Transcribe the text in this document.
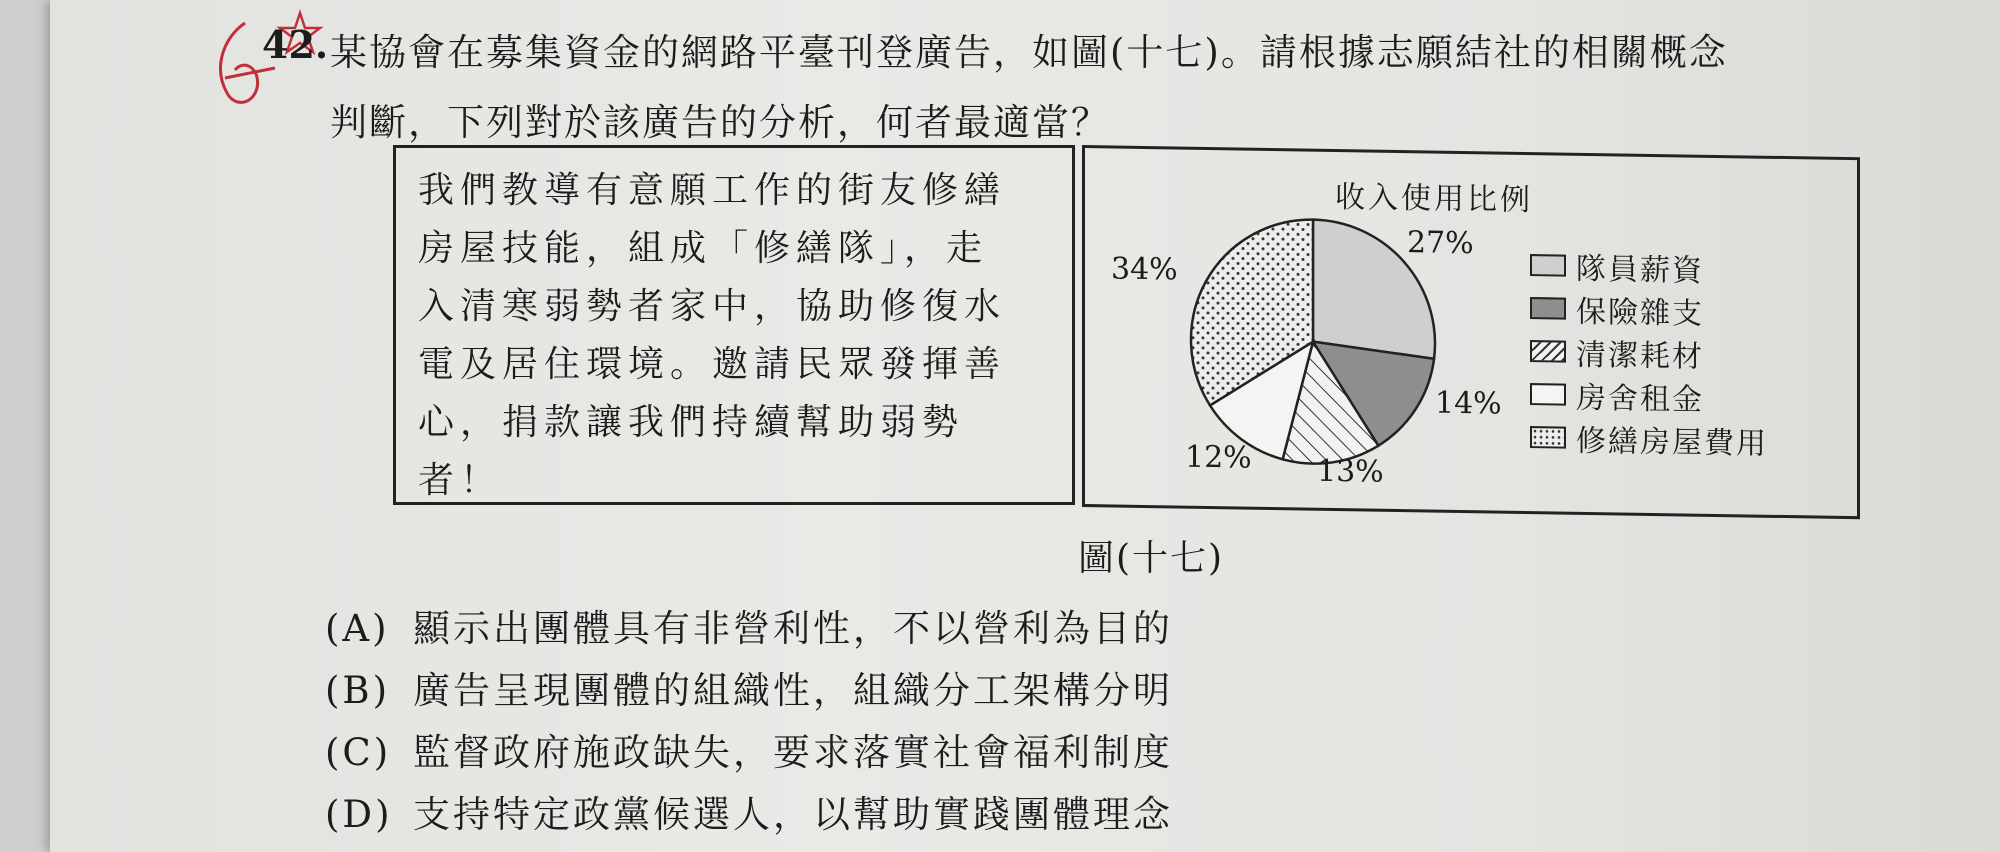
42. 某協會在募集資金的網路平臺刊登廣告，如圖(十七)。請根據志願結社的相關概念
判斷，下列對於該廣告的分析，何者最適當？
我們教導有意願工作的街友修繕
房屋技能，組成「修繕隊」，走
入清寒弱勢者家中，協助修復水
電及居住環境。邀請民眾發揮善
心，捐款讓我們持續幫助弱勢
者！
收入使用比例
27%
14%
13%
12%
34%	隊員薪資
保險雜支
清潔耗材
房舍租金
修繕房屋費用
圖(十七)
(A) 顯示出團體具有非營利性，不以營利為目的
(B) 廣告呈現團體的組織性，組織分工架構分明
(C) 監督政府施政缺失，要求落實社會福利制度
(D) 支持特定政黨候選人，以幫助實踐團體理念
